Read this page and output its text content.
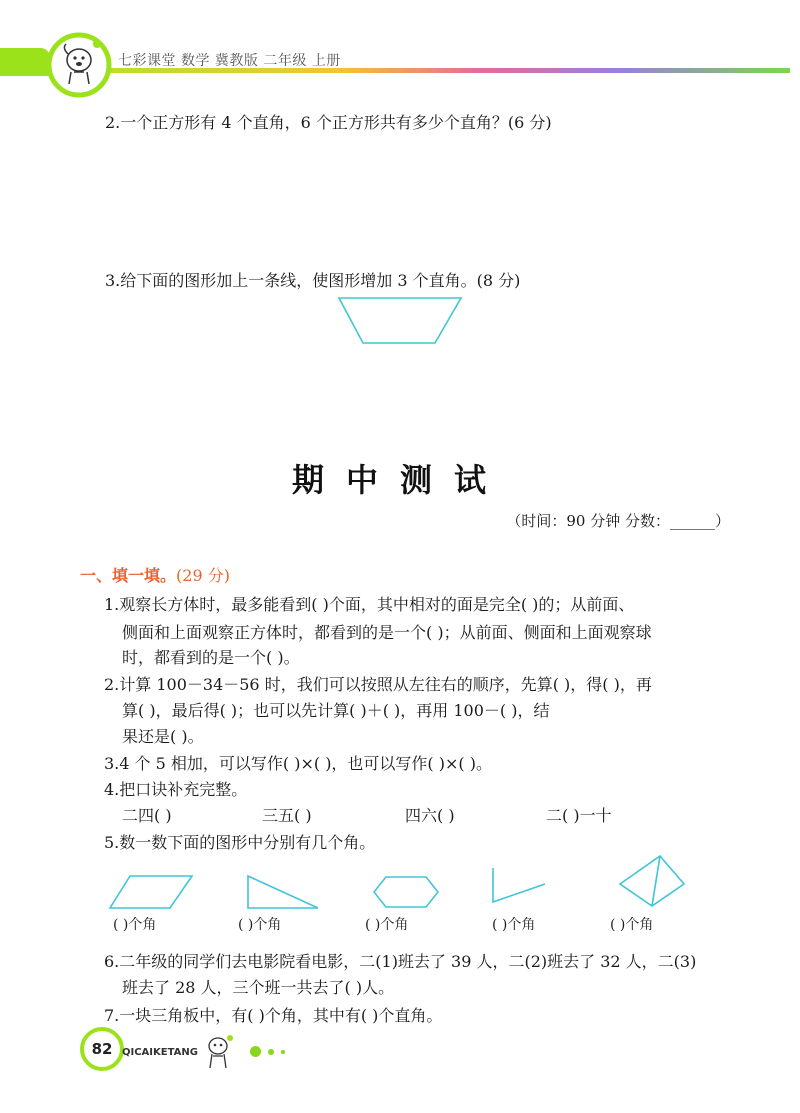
七彩课堂 数学 冀教版 二年级 上册
2.一个正方形有 4 个直角，6 个正方形共有多少个直角？(6 分)
3.给下面的图形加上一条线，使图形增加 3 个直角。(8 分)
期中测试
（时间：90 分钟 分数：______）
一、填一填。(29 分)
1.观察长方体时，最多能看到( )个面，其中相对的面是完全( )的；从前面、
侧面和上面观察正方体时，都看到的是一个( )；从前面、侧面和上面观察球
时，都看到的是一个( )。
2.计算 100－34－56 时，我们可以按照从左往右的顺序，先算( )，得( )，再
算( )，最后得( )；也可以先计算( )＋( )，再用 100－( )，结
果还是( )。
3.4 个 5 相加，可以写作( )×( )，也可以写作( )×( )。
4.把口诀补充完整。
二四( )	三五( )	四六( )	二( )一十
5.数一数下面的图形中分别有几个角。
( )个角	( )个角	( )个角	( )个角	( )个角
6.二年级的同学们去电影院看电影，二(1)班去了 39 人，二(2)班去了 32 人，二(3)
班去了 28 人，三个班一共去了( )人。
7.一块三角板中，有( )个角，其中有( )个直角。
82 QICAIKETANG
